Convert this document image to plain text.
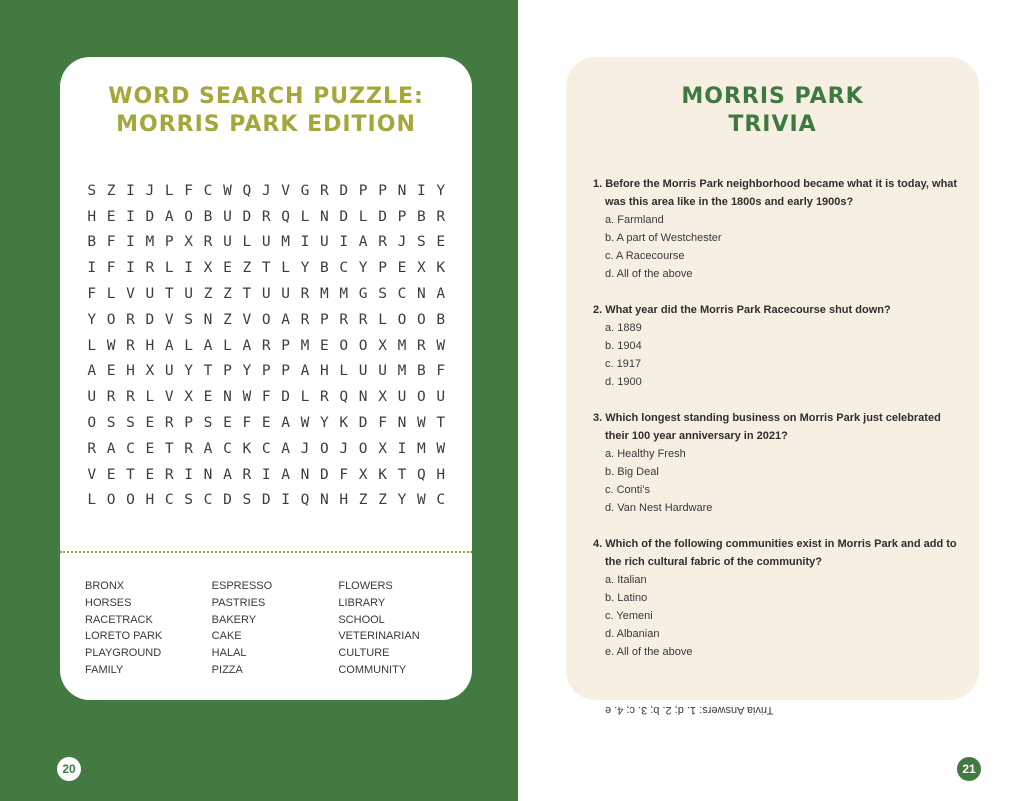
WORD SEARCH PUZZLE:
MORRIS PARK EDITION
S Z I J L F C W Q J V G R D P P N I Y
H E I D A O B U D R Q L N D L D P B R
B F I M P X R U L U M I U I A R J S E
I F I R L I X E Z T L Y B C Y P E X K
F L V U T U Z Z T U U R M M G S C N A
Y O R D V S N Z V O A R P R R L O O B
L W R H A L A L A R P M E O O X M R W
A E H X U Y T P Y P P A H L U U M B F
U R R L V X E N W F D L R Q N X U O U
O S S E R P S E F E A W Y K D F N W T
R A C E T R A C K C A J O J O X I M W
V E T E R I N A R I A N D F X K T Q H
L O O H C S C D S D I Q N H Z Z Y W C
BRONX
HORSES
RACETRACK
LORETO PARK
PLAYGROUND
FAMILY
ESPRESSO
PASTRIES
BAKERY
CAKE
HALAL
PIZZA
FLOWERS
LIBRARY
SCHOOL
VETERINARIAN
CULTURE
COMMUNITY
20
MORRIS PARK
TRIVIA
1. Before the Morris Park neighborhood became what it is today, what was this area like in the 1800s and early 1900s?
a. Farmland
b. A part of Westchester
c. A Racecourse
d. All of the above
2. What year did the Morris Park Racecourse shut down?
a. 1889
b. 1904
c. 1917
d. 1900
3. Which longest standing business on Morris Park just celebrated their 100 year anniversary in 2021?
a. Healthy Fresh
b. Big Deal
c. Conti’s
d. Van Nest Hardware
4. Which of the following communities exist in Morris Park and add to the rich cultural fabric of the community?
a. Italian
b. Latino
c. Yemeni
d. Albanian
e. All of the above
Trivia Answers: 1. d; 2. b; 3. c; 4. e
21
